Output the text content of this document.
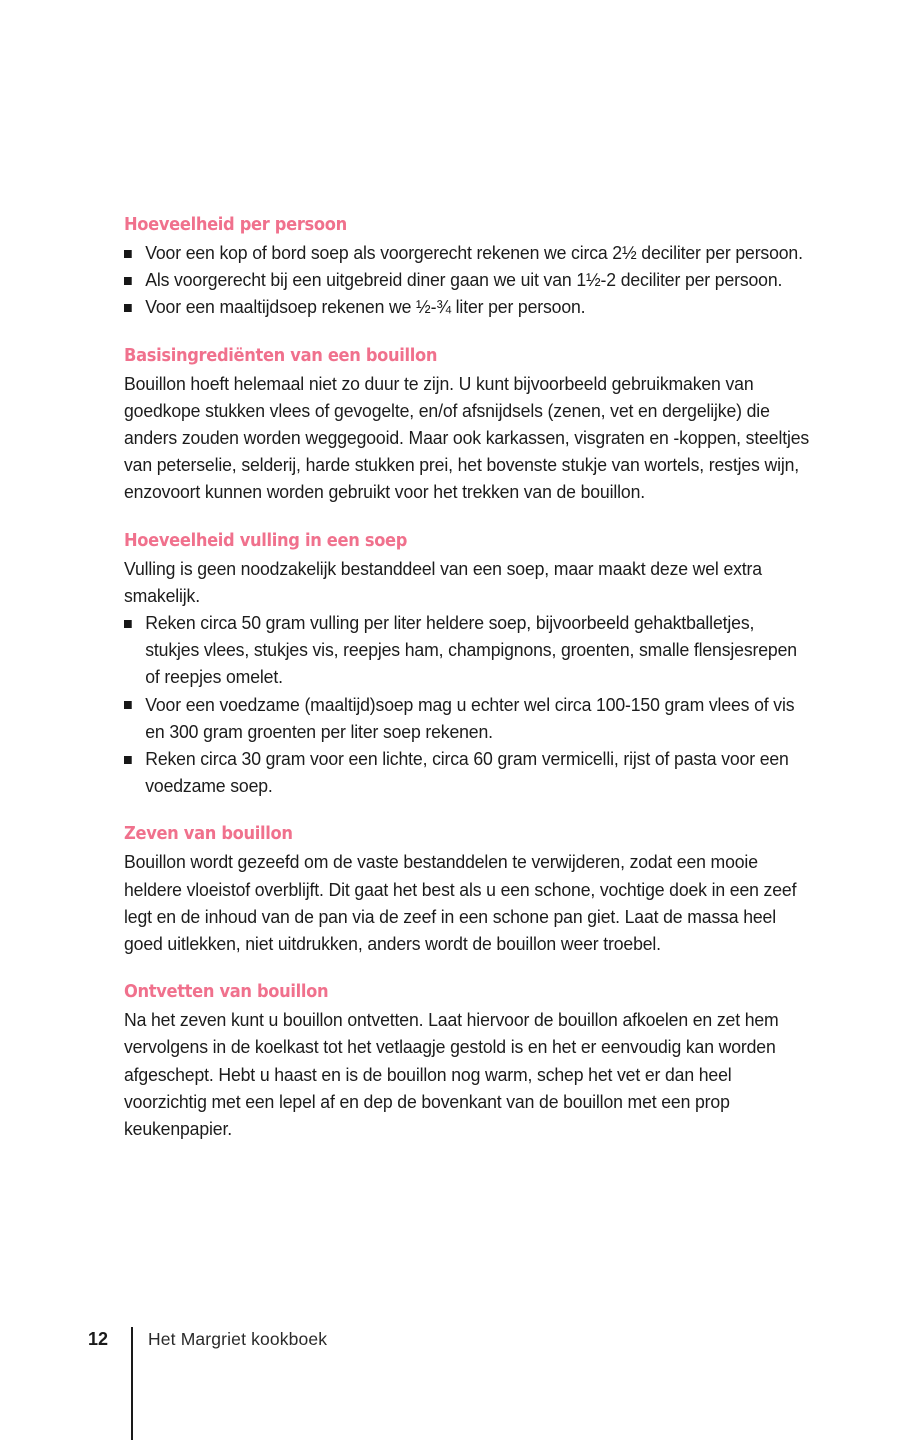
Hoeveelheid per persoon
Voor een kop of bord soep als voorgerecht rekenen we circa 2½ deciliter per persoon.
Als voorgerecht bij een uitgebreid diner gaan we uit van 1½-2 deciliter per persoon.
Voor een maaltijdsoep rekenen we ½-¾ liter per persoon.
Basisingrediënten van een bouillon

Bouillon hoeft helemaal niet zo duur te zijn. U kunt bijvoorbeeld gebruikmaken van goedkope stukken vlees of gevogelte, en/of afsnijdsels (zenen, vet en dergelijke) die anders zouden worden weggegooid. Maar ook karkassen, visgraten en -koppen, steeltjes van peterselie, selderij, harde stukken prei, het bovenste stukje van wortels, restjes wijn, enzovoort kunnen worden gebruikt voor het trekken van de bouillon.

Hoeveelheid vulling in een soep

Vulling is geen noodzakelijk bestanddeel van een soep, maar maakt deze wel extra smakelijk.

Reken circa 50 gram vulling per liter heldere soep, bijvoorbeeld gehaktballetjes, stukjes vlees, stukjes vis, reepjes ham, champignons, groenten, smalle flensjesrepen of reepjes omelet.
Voor een voedzame (maaltijd)soep mag u echter wel circa 100-150 gram vlees of vis en 300 gram groenten per liter soep rekenen.
Reken circa 30 gram voor een lichte, circa 60 gram vermicelli, rijst of pasta voor een voedzame soep.
Zeven van bouillon

Bouillon wordt gezeefd om de vaste bestanddelen te verwijderen, zodat een mooie heldere vloeistof overblijft. Dit gaat het best als u een schone, vochtige doek in een zeef legt en de inhoud van de pan via de zeef in een schone pan giet. Laat de massa heel goed uitlekken, niet uitdrukken, anders wordt de bouillon weer troebel.

Ontvetten van bouillon

Na het zeven kunt u bouillon ontvetten. Laat hiervoor de bouillon afkoelen en zet hem vervolgens in de koelkast tot het vetlaagje gestold is en het er eenvoudig kan worden afgeschept. Hebt u haast en is de bouillon nog warm, schep het vet er dan heel voorzichtig met een lepel af en dep de bovenkant van de bouillon met een prop keukenpapier.

12	Het Margriet kookboek
